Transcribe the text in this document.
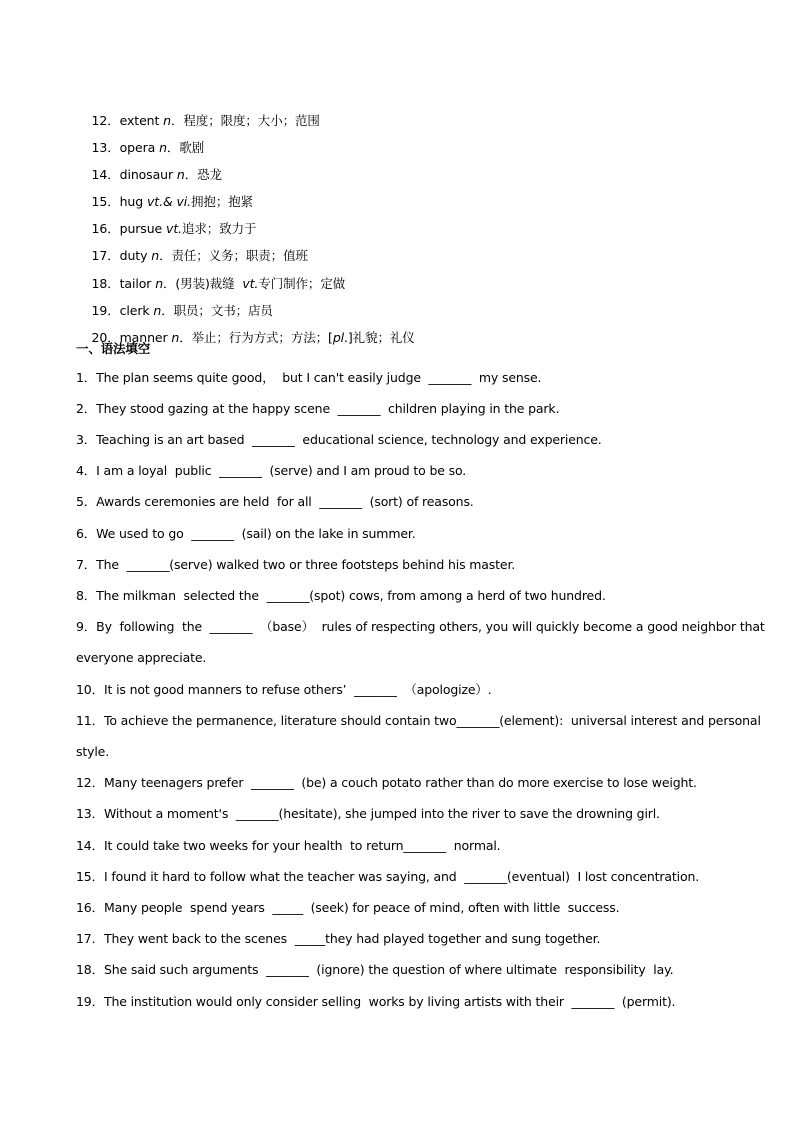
12．extent n．程度；限度；大小；范围

13．opera n．歌剧

14．dinosaur n．恐龙

15．hug vt.& vi.拥抱；抱紧

16．pursue vt.追求；致力于

17．duty n．责任；义务；职责；值班

18．tailor n．(男装)裁缝  vt.专门制作；定做

19．clerk n．职员；文书；店员

20．manner n．举止；行为方式；方法；[pl.]礼貌；礼仪

一、语法填空
1．The plan seems quite good，  but I can't easily judge  _______  my sense.
2．They stood gazing at the happy scene  _______  children playing in the park.
3．Teaching is an art based  _______  educational science, technology and experience.
4．I am a loyal  public  _______  (serve) and I am proud to be so.
5．Awards ceremonies are held  for all  _______  (sort) of reasons.
6．We used to go  _______  (sail) on the lake in summer.
7．The  _______(serve) walked two or three footsteps behind his master.
8．The milkman  selected the  _______(spot) cows, from among a herd of two hundred.
9．By  following  the  _______  （base）  rules of respecting others, you will quickly become a good neighbor that
everyone appreciate.
10．It is not good manners to refuse others’  _______  （apologize）.
11．To achieve the permanence, literature should contain two_______(element):  universal interest and personal
style.
12．Many teenagers prefer  _______  (be) a couch potato rather than do more exercise to lose weight.
13．Without a moment's  _______(hesitate), she jumped into the river to save the drowning girl.
14．It could take two weeks for your health  to return_______  normal.
15．I found it hard to follow what the teacher was saying, and  _______(eventual)  I lost concentration.
16．Many people  spend years  _____  (seek) for peace of mind, often with little  success.
17．They went back to the scenes  _____they had played together and sung together.
18．She said such arguments  _______  (ignore) the question of where ultimate  responsibility  lay.
19．The institution would only consider selling  works by living artists with their  _______  (permit).
